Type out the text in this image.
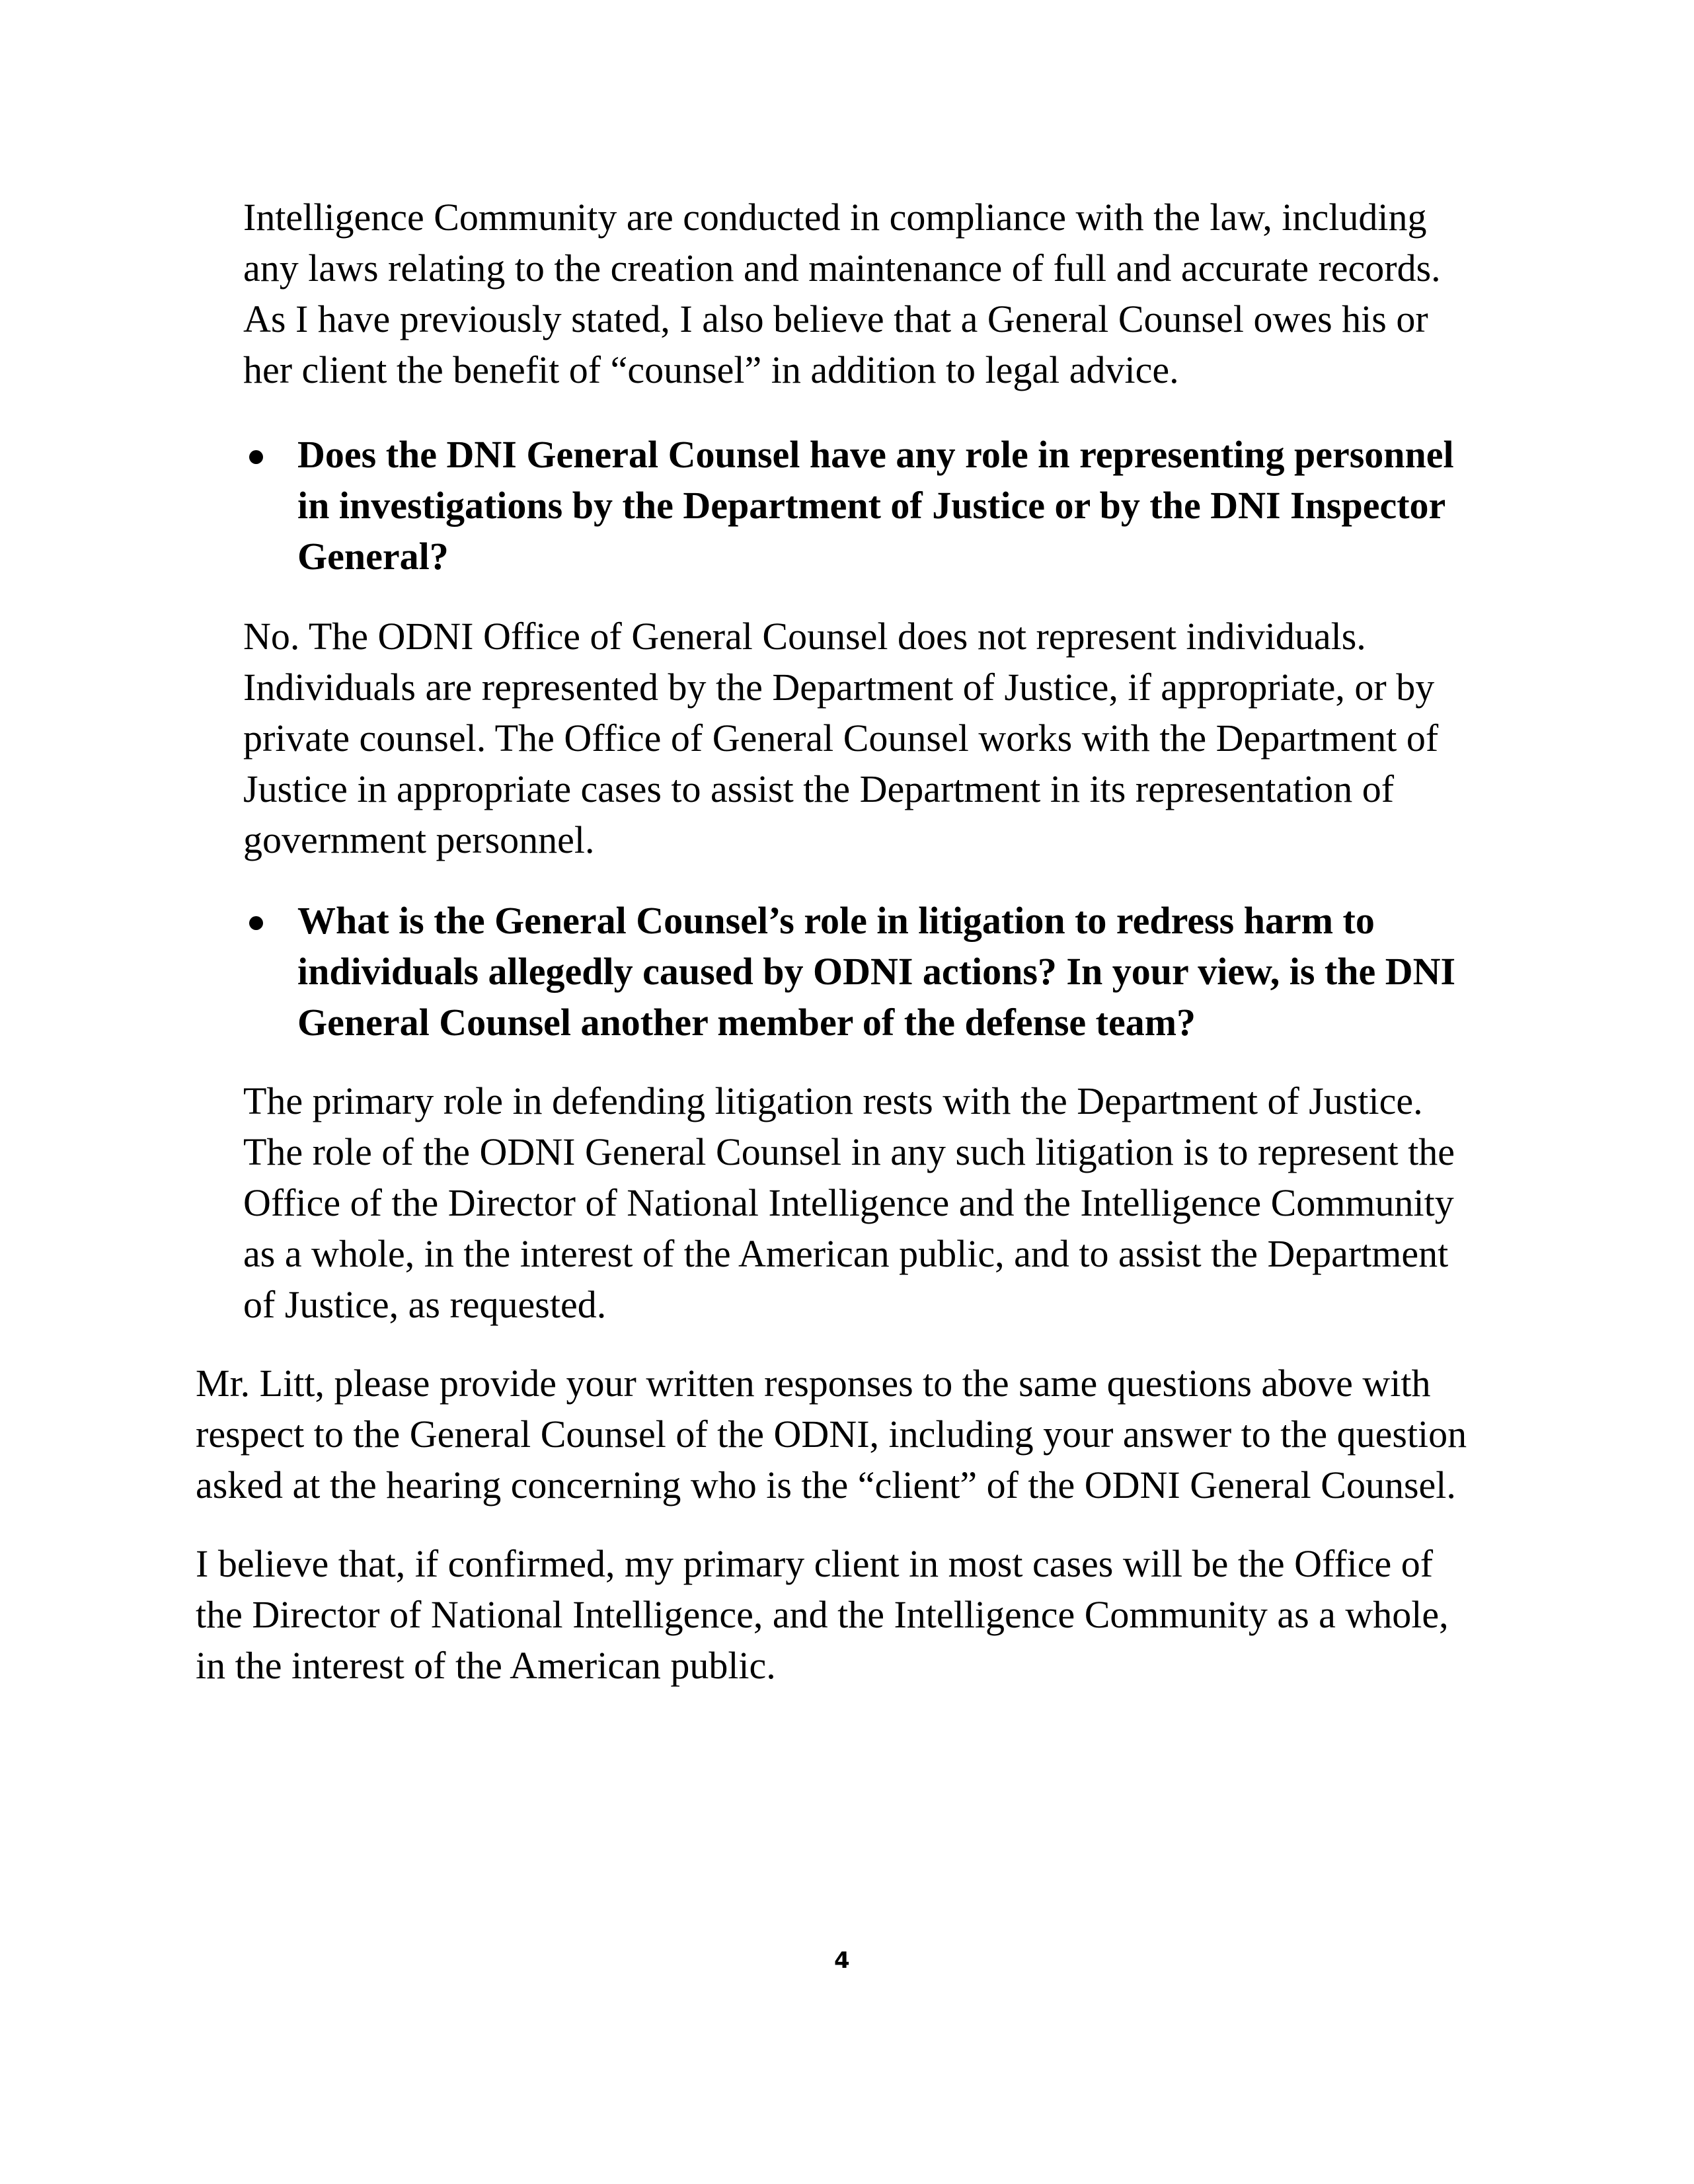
Intelligence Community are conducted in compliance with the law, including
any laws relating to the creation and maintenance of full and accurate records.
As I have previously stated, I also believe that a General Counsel owes his or
her client the benefit of “counsel” in addition to legal advice.
Does the DNI General Counsel have any role in representing personnel
in investigations by the Department of Justice or by the DNI Inspector
General?
No. The ODNI Office of General Counsel does not represent individuals.
Individuals are represented by the Department of Justice, if appropriate, or by
private counsel. The Office of General Counsel works with the Department of
Justice in appropriate cases to assist the Department in its representation of
government personnel.
What is the General Counsel’s role in litigation to redress harm to
individuals allegedly caused by ODNI actions? In your view, is the DNI
General Counsel another member of the defense team?
The primary role in defending litigation rests with the Department of Justice.
The role of the ODNI General Counsel in any such litigation is to represent the
Office of the Director of National Intelligence and the Intelligence Community
as a whole, in the interest of the American public, and to assist the Department
of Justice, as requested.
Mr. Litt, please provide your written responses to the same questions above with
respect to the General Counsel of the ODNI, including your answer to the question
asked at the hearing concerning who is the “client” of the ODNI General Counsel.
I believe that, if confirmed, my primary client in most cases will be the Office of
the Director of National Intelligence, and the Intelligence Community as a whole,
in the interest of the American public.
4
